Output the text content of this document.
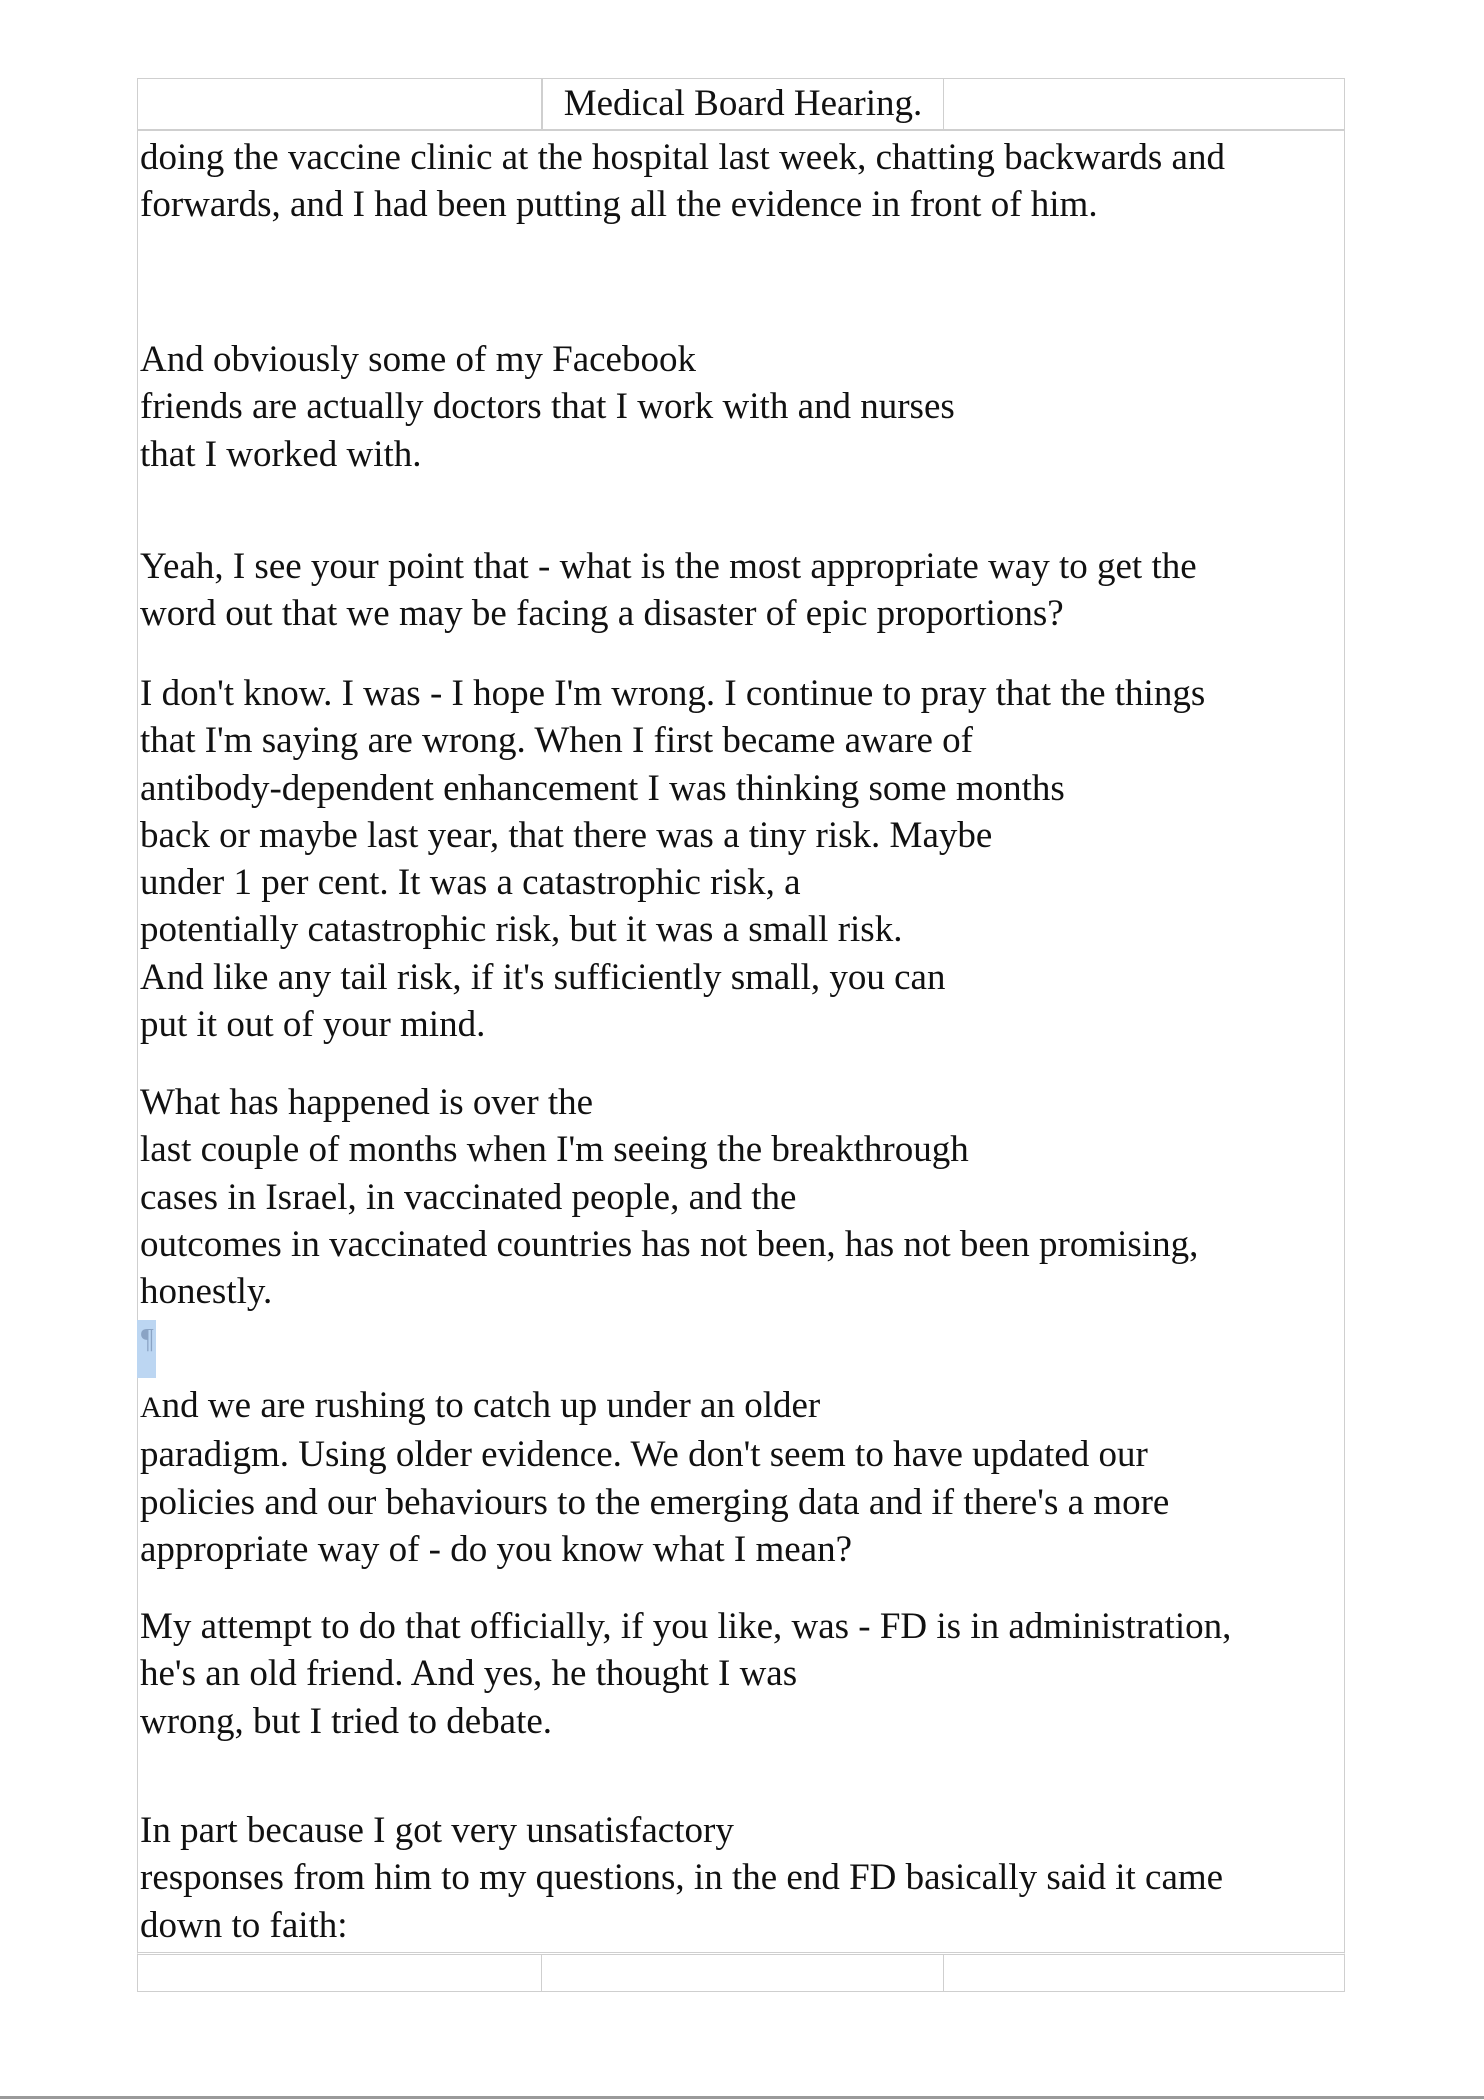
Medical Board Hearing.

doing the vaccine clinic at the hospital last week, chatting backwards and
forwards, and I had been putting all the evidence in front of him.

And obviously some of my Facebook
friends are actually doctors that I work with and nurses
that I worked with.

Yeah, I see your point that - what is the most appropriate way to get the
word out that we may be facing a disaster of epic proportions?

I don't know. I was - I hope I'm wrong. I continue to pray that the things
that I'm saying are wrong. When I first became aware of
antibody-dependent enhancement I was thinking some months
back or maybe last year, that there was a tiny risk. Maybe
under 1 per cent. It was a catastrophic risk, a
potentially catastrophic risk, but it was a small risk.
And like any tail risk, if it's sufficiently small, you can
put it out of your mind.

What has happened is over the
last couple of months when I'm seeing the breakthrough
cases in Israel, in vaccinated people, and the
outcomes in vaccinated countries has not been, has not been promising,
honestly.

¶

And we are rushing to catch up under an older
paradigm. Using older evidence. We don't seem to have updated our
policies and our behaviours to the emerging data and if there's a more
appropriate way of - do you know what I mean?

My attempt to do that officially, if you like, was - FD is in administration,
he's an old friend. And yes, he thought I was
wrong, but I tried to debate.

In part because I got very unsatisfactory
responses from him to my questions, in the end FD basically said it came
down to faith:
